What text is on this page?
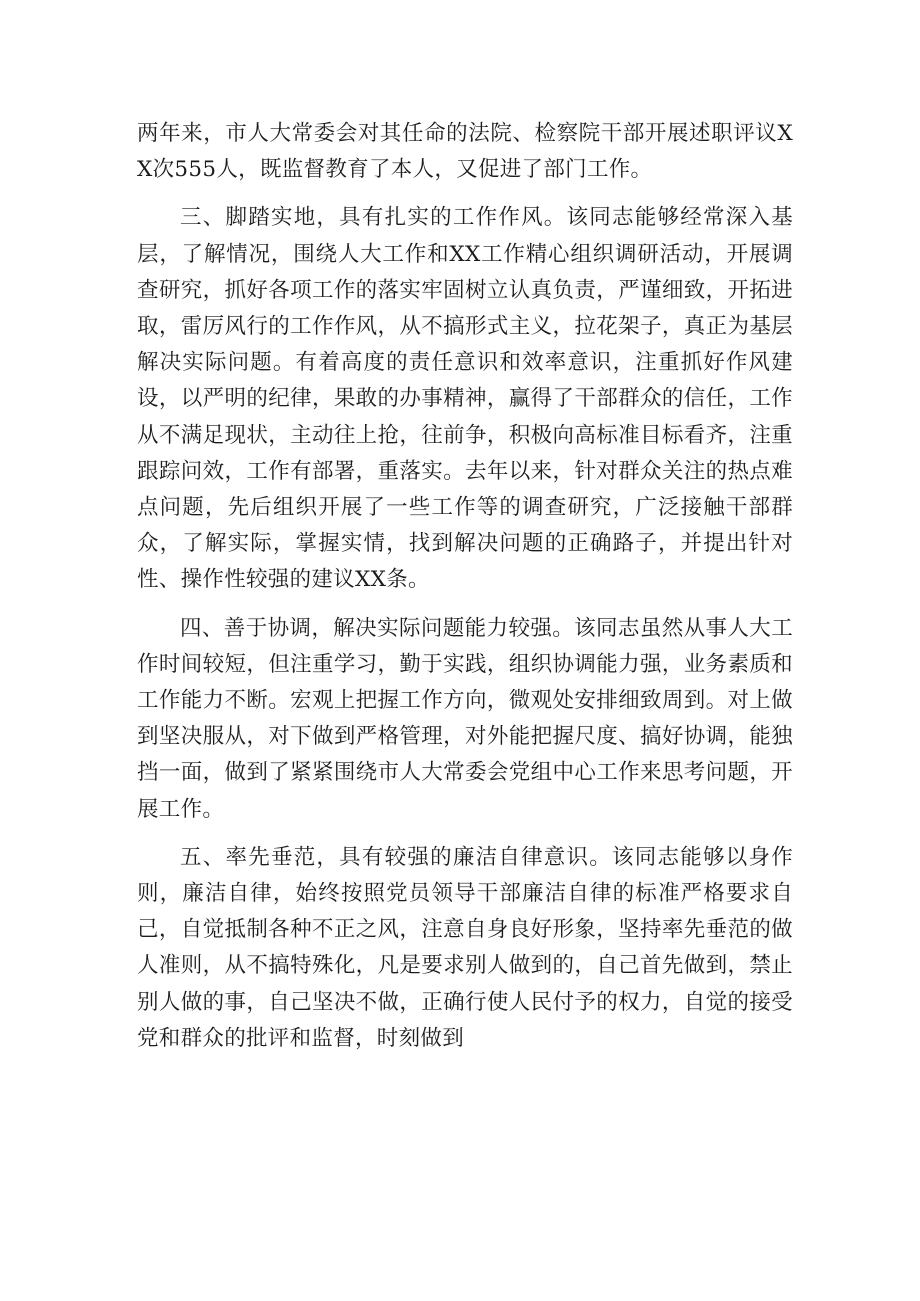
两年来，市人大常委会对其任命的法院、检察院干部开展述职评议XX次555人，既监督教育了本人，又促进了部门工作。

三、脚踏实地，具有扎实的工作作风。该同志能够经常深入基层，了解情况，围绕人大工作和XX工作精心组织调研活动，开展调查研究，抓好各项工作的落实牢固树立认真负责，严谨细致，开拓进取，雷厉风行的工作作风，从不搞形式主义，拉花架子，真正为基层解决实际问题。有着高度的责任意识和效率意识，注重抓好作风建设，以严明的纪律，果敢的办事精神，赢得了干部群众的信任，工作从不满足现状，主动往上抢，往前争，积极向高标准目标看齐，注重跟踪问效，工作有部署，重落实。去年以来，针对群众关注的热点难点问题，先后组织开展了一些工作等的调查研究，广泛接触干部群众，了解实际，掌握实情，找到解决问题的正确路子，并提出针对性、操作性较强的建议XX条。

四、善于协调，解决实际问题能力较强。该同志虽然从事人大工作时间较短，但注重学习，勤于实践，组织协调能力强，业务素质和工作能力不断。宏观上把握工作方向，微观处安排细致周到。对上做到坚决服从，对下做到严格管理，对外能把握尺度、搞好协调，能独挡一面，做到了紧紧围绕市人大常委会党组中心工作来思考问题，开展工作。

五、率先垂范，具有较强的廉洁自律意识。该同志能够以身作则，廉洁自律，始终按照党员领导干部廉洁自律的标准严格要求自己，自觉抵制各种不正之风，注意自身良好形象，坚持率先垂范的做人准则，从不搞特殊化，凡是要求别人做到的，自己首先做到，禁止别人做的事，自己坚决不做，正确行使人民付予的权力，自觉的接受党和群众的批评和监督，时刻做到
